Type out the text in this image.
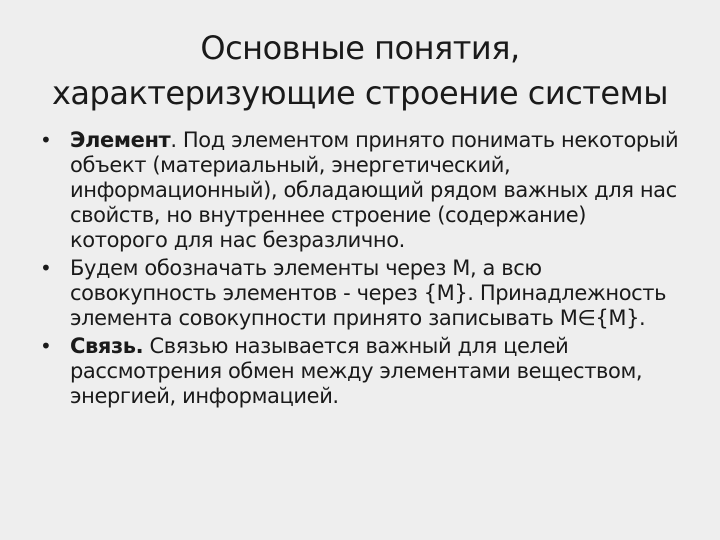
Основные понятия,
характеризующие строение системы
• Элемент. Под элементом принято понимать некоторый объект (материальный, энергетический, информационный), обладающий рядом важных для нас свойств, но внутреннее строение (содержание) которого для нас безразлично.
• Будем обозначать элементы через М, а всю совокупность элементов - через {М}. Принадлежность элемента совокупности принято записывать М∈{М}.
• Связь. Связью называется важный для целей рассмотрения обмен между элементами веществом, энергией, информацией.
